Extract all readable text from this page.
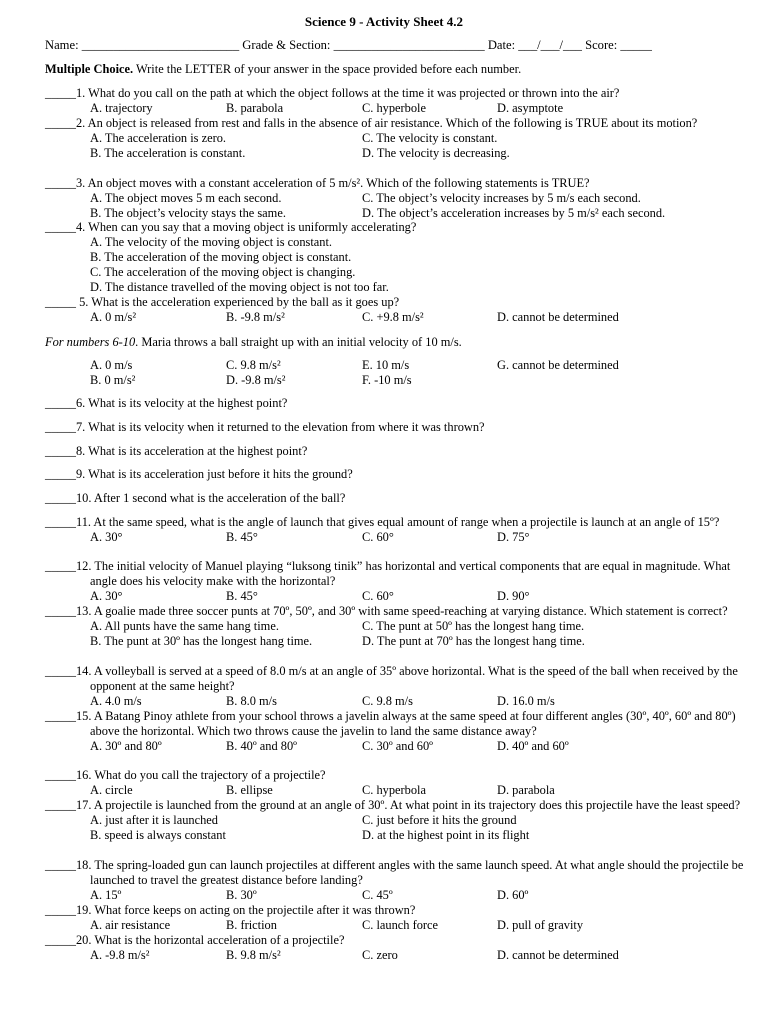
Science 9 - Activity Sheet 4.2
Name: _________________________ Grade & Section: ________________________ Date: ___/___/___ Score: _____
Multiple Choice. Write the LETTER of your answer in the space provided before each number.
_____1. What do you call on the path at which the object follows at the time it was projected or thrown into the air?
A. trajectory	B. parabola	C. hyperbole	D. asymptote
_____2. An object is released from rest and falls in the absence of air resistance. Which of the following is TRUE about its motion?
A. The acceleration is zero.	C. The velocity is constant.
B. The acceleration is constant.	D. The velocity is decreasing.
_____3. An object moves with a constant acceleration of 5 m/s². Which of the following statements is TRUE?
A. The object moves 5 m each second.	C. The object’s velocity increases by 5 m/s each second.
B. The object’s velocity stays the same.	D. The object’s acceleration increases by 5 m/s² each second.
_____4. When can you say that a moving object is uniformly accelerating?
A. The velocity of the moving object is constant.
B. The acceleration of the moving object is constant.
C. The acceleration of the moving object is changing.
D. The distance travelled of the moving object is not too far.
_____ 5. What is the acceleration experienced by the ball as it goes up?
A. 0 m/s²	B. -9.8 m/s²	C. +9.8 m/s²	D. cannot be determined
For numbers 6-10. Maria throws a ball straight up with an initial velocity of 10 m/s.
A. 0 m/s	C. 9.8 m/s²	E. 10 m/s	G. cannot be determined
B. 0 m/s²	D. -9.8 m/s²	F. -10 m/s
_____6. What is its velocity at the highest point?
_____7. What is its velocity when it returned to the elevation from where it was thrown?
_____8. What is its acceleration at the highest point?
_____9. What is its acceleration just before it hits the ground?
_____10. After 1 second what is the acceleration of the ball?
_____11. At the same speed, what is the angle of launch that gives equal amount of range when a projectile is launch at an angle of 15º?
A. 30°	B. 45°	C. 60°	D. 75°
_____12. The initial velocity of Manuel playing “luksong tinik” has horizontal and vertical components that are equal in magnitude. What angle does his velocity make with the horizontal?
A. 30°	B. 45°	C. 60°	D. 90°
_____13. A goalie made three soccer punts at 70º, 50º, and 30º with same speed-reaching at varying distance. Which statement is correct?
A. All punts have the same hang time.	C. The punt at 50º has the longest hang time.
B. The punt at 30º has the longest hang time.	D. The punt at 70º has the longest hang time.
_____14. A volleyball is served at a speed of 8.0 m/s at an angle of 35º above horizontal. What is the speed of the ball when received by the opponent at the same height?
A. 4.0 m/s	B. 8.0 m/s	C. 9.8 m/s	D. 16.0 m/s
_____15. A Batang Pinoy athlete from your school throws a javelin always at the same speed at four different angles (30º, 40º, 60º and 80º) above the horizontal. Which two throws cause the javelin to land the same distance away?
A. 30º and 80º	B. 40º and 80º	C. 30º and 60º	D. 40º and 60º
_____16. What do you call the trajectory of a projectile?
A. circle	B. ellipse	C. hyperbola	D. parabola
_____17. A projectile is launched from the ground at an angle of 30º. At what point in its trajectory does this projectile have the least speed?
A. just after it is launched	C. just before it hits the ground
B. speed is always constant	D. at the highest point in its flight
_____18. The spring-loaded gun can launch projectiles at different angles with the same launch speed. At what angle should the projectile be launched to travel the greatest distance before landing?
A. 15º	B. 30º	C. 45º	D. 60º
_____19. What force keeps on acting on the projectile after it was thrown?
A. air resistance	B. friction	C. launch force	D. pull of gravity
_____20. What is the horizontal acceleration of a projectile?
A. -9.8 m/s²	B. 9.8 m/s²	C. zero	D. cannot be determined
